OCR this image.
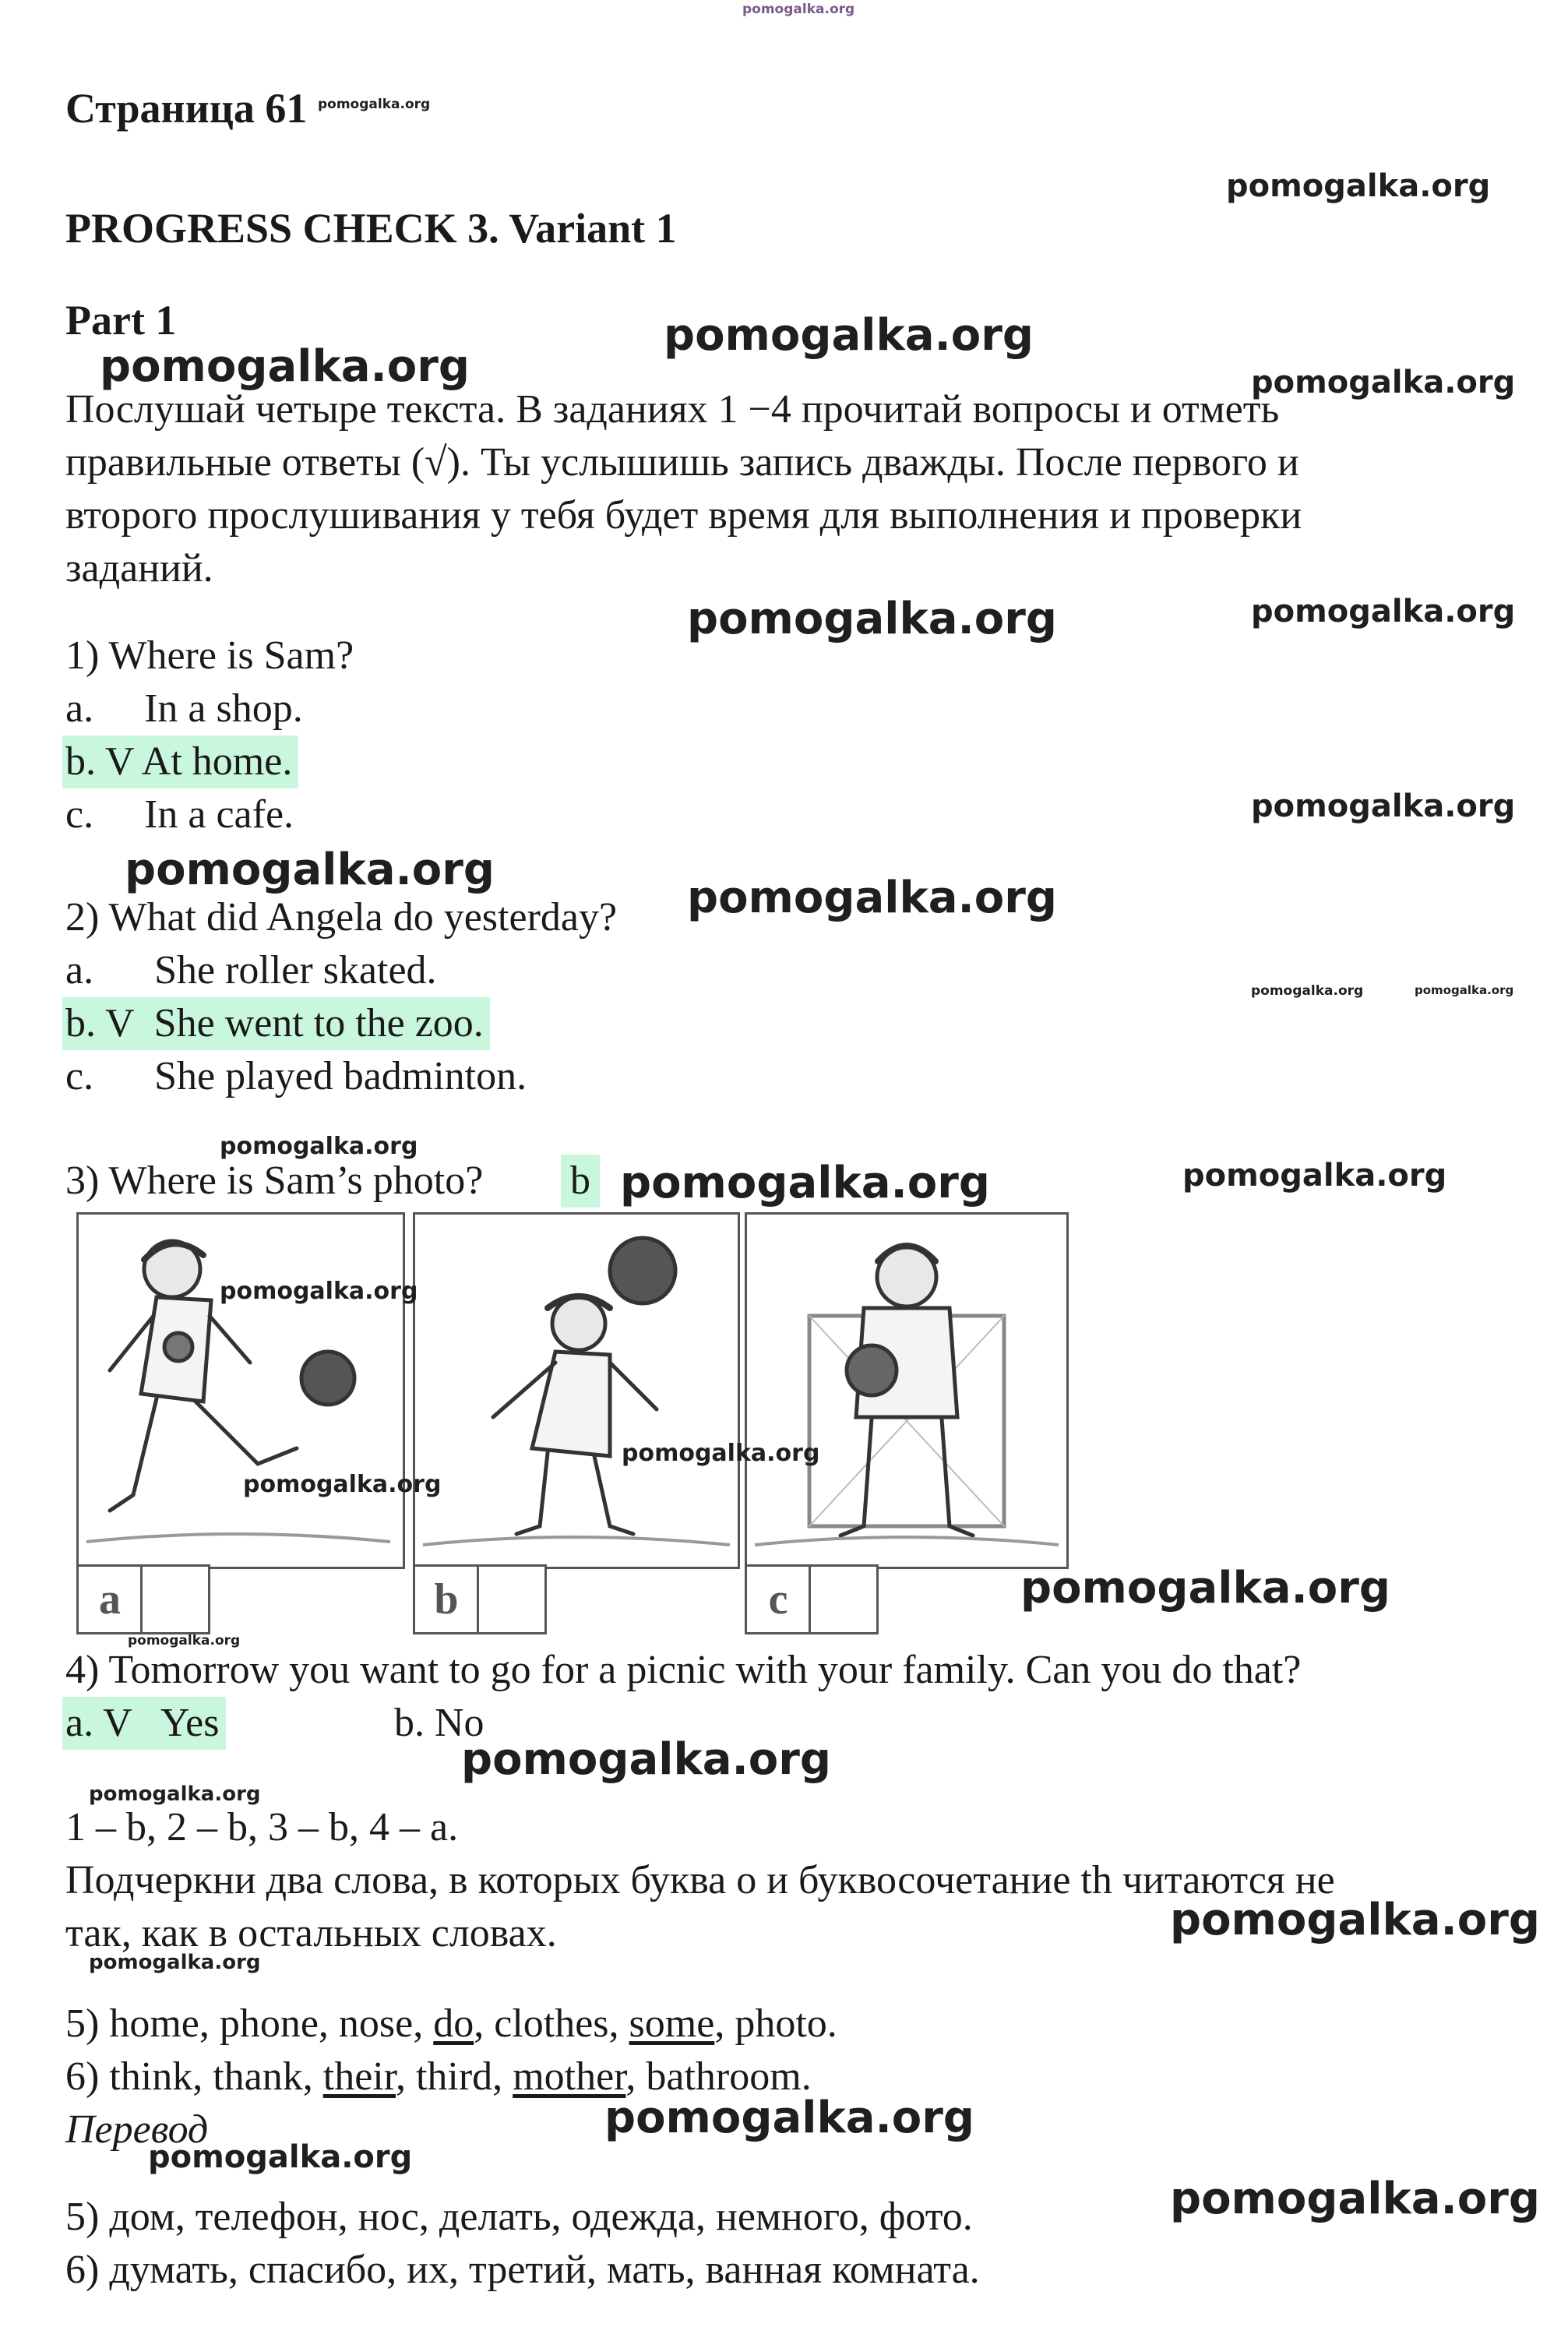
pomogalka.org
Страница 61 pomogalka.org
pomogalka.org
PROGRESS CHECK 3. Variant 1
Part 1	pomogalka.org
pomogalka.org	pomogalka.org
Послушай четыре текста. В заданиях 1 −4 прочитай вопросы и отметь
правильные ответы (√). Ты услышишь запись дважды. После первого и
второго прослушивания у тебя будет время для выполнения и проверки
заданий.
pomogalka.org	pomogalka.org
1) Where is Sam?
a.     In a shop.
b. V At home.
c.     In a cafe.	pomogalka.org
pomogalka.org
2) What did Angela do yesterday? pomogalka.org
a.      She roller skated.
b. V  She went to the zoo.
pomogalka.org	pomogalka.org
c.      She played badminton.
pomogalka.org
3) Where is Sam’s photo? b pomogalka.org	pomogalka.org
pomogalka.org
pomogalka.org
pomogalka.org
a	b	c	pomogalka.org
pomogalka.org
4) Tomorrow you want to go for a picnic with your family. Can you do that?
a. V   Yes	b. No
pomogalka.org
pomogalka.org
1 – b, 2 – b, 3 – b, 4 – a.
Подчеркни два слова, в которых буква о и буквосочетание th читаются не
так, как в остальных словах.	pomogalka.org
pomogalka.org
5) home, phone, nose, do, clothes, some, photo.
6) think, thank, their, third, mother, bathroom.
Перевод	pomogalka.org
pomogalka.org
5) дом, телефон, нос, делать, одежда, немного, фото.	pomogalka.org
6) думать, спасибо, их, третий, мать, ванная комната.
